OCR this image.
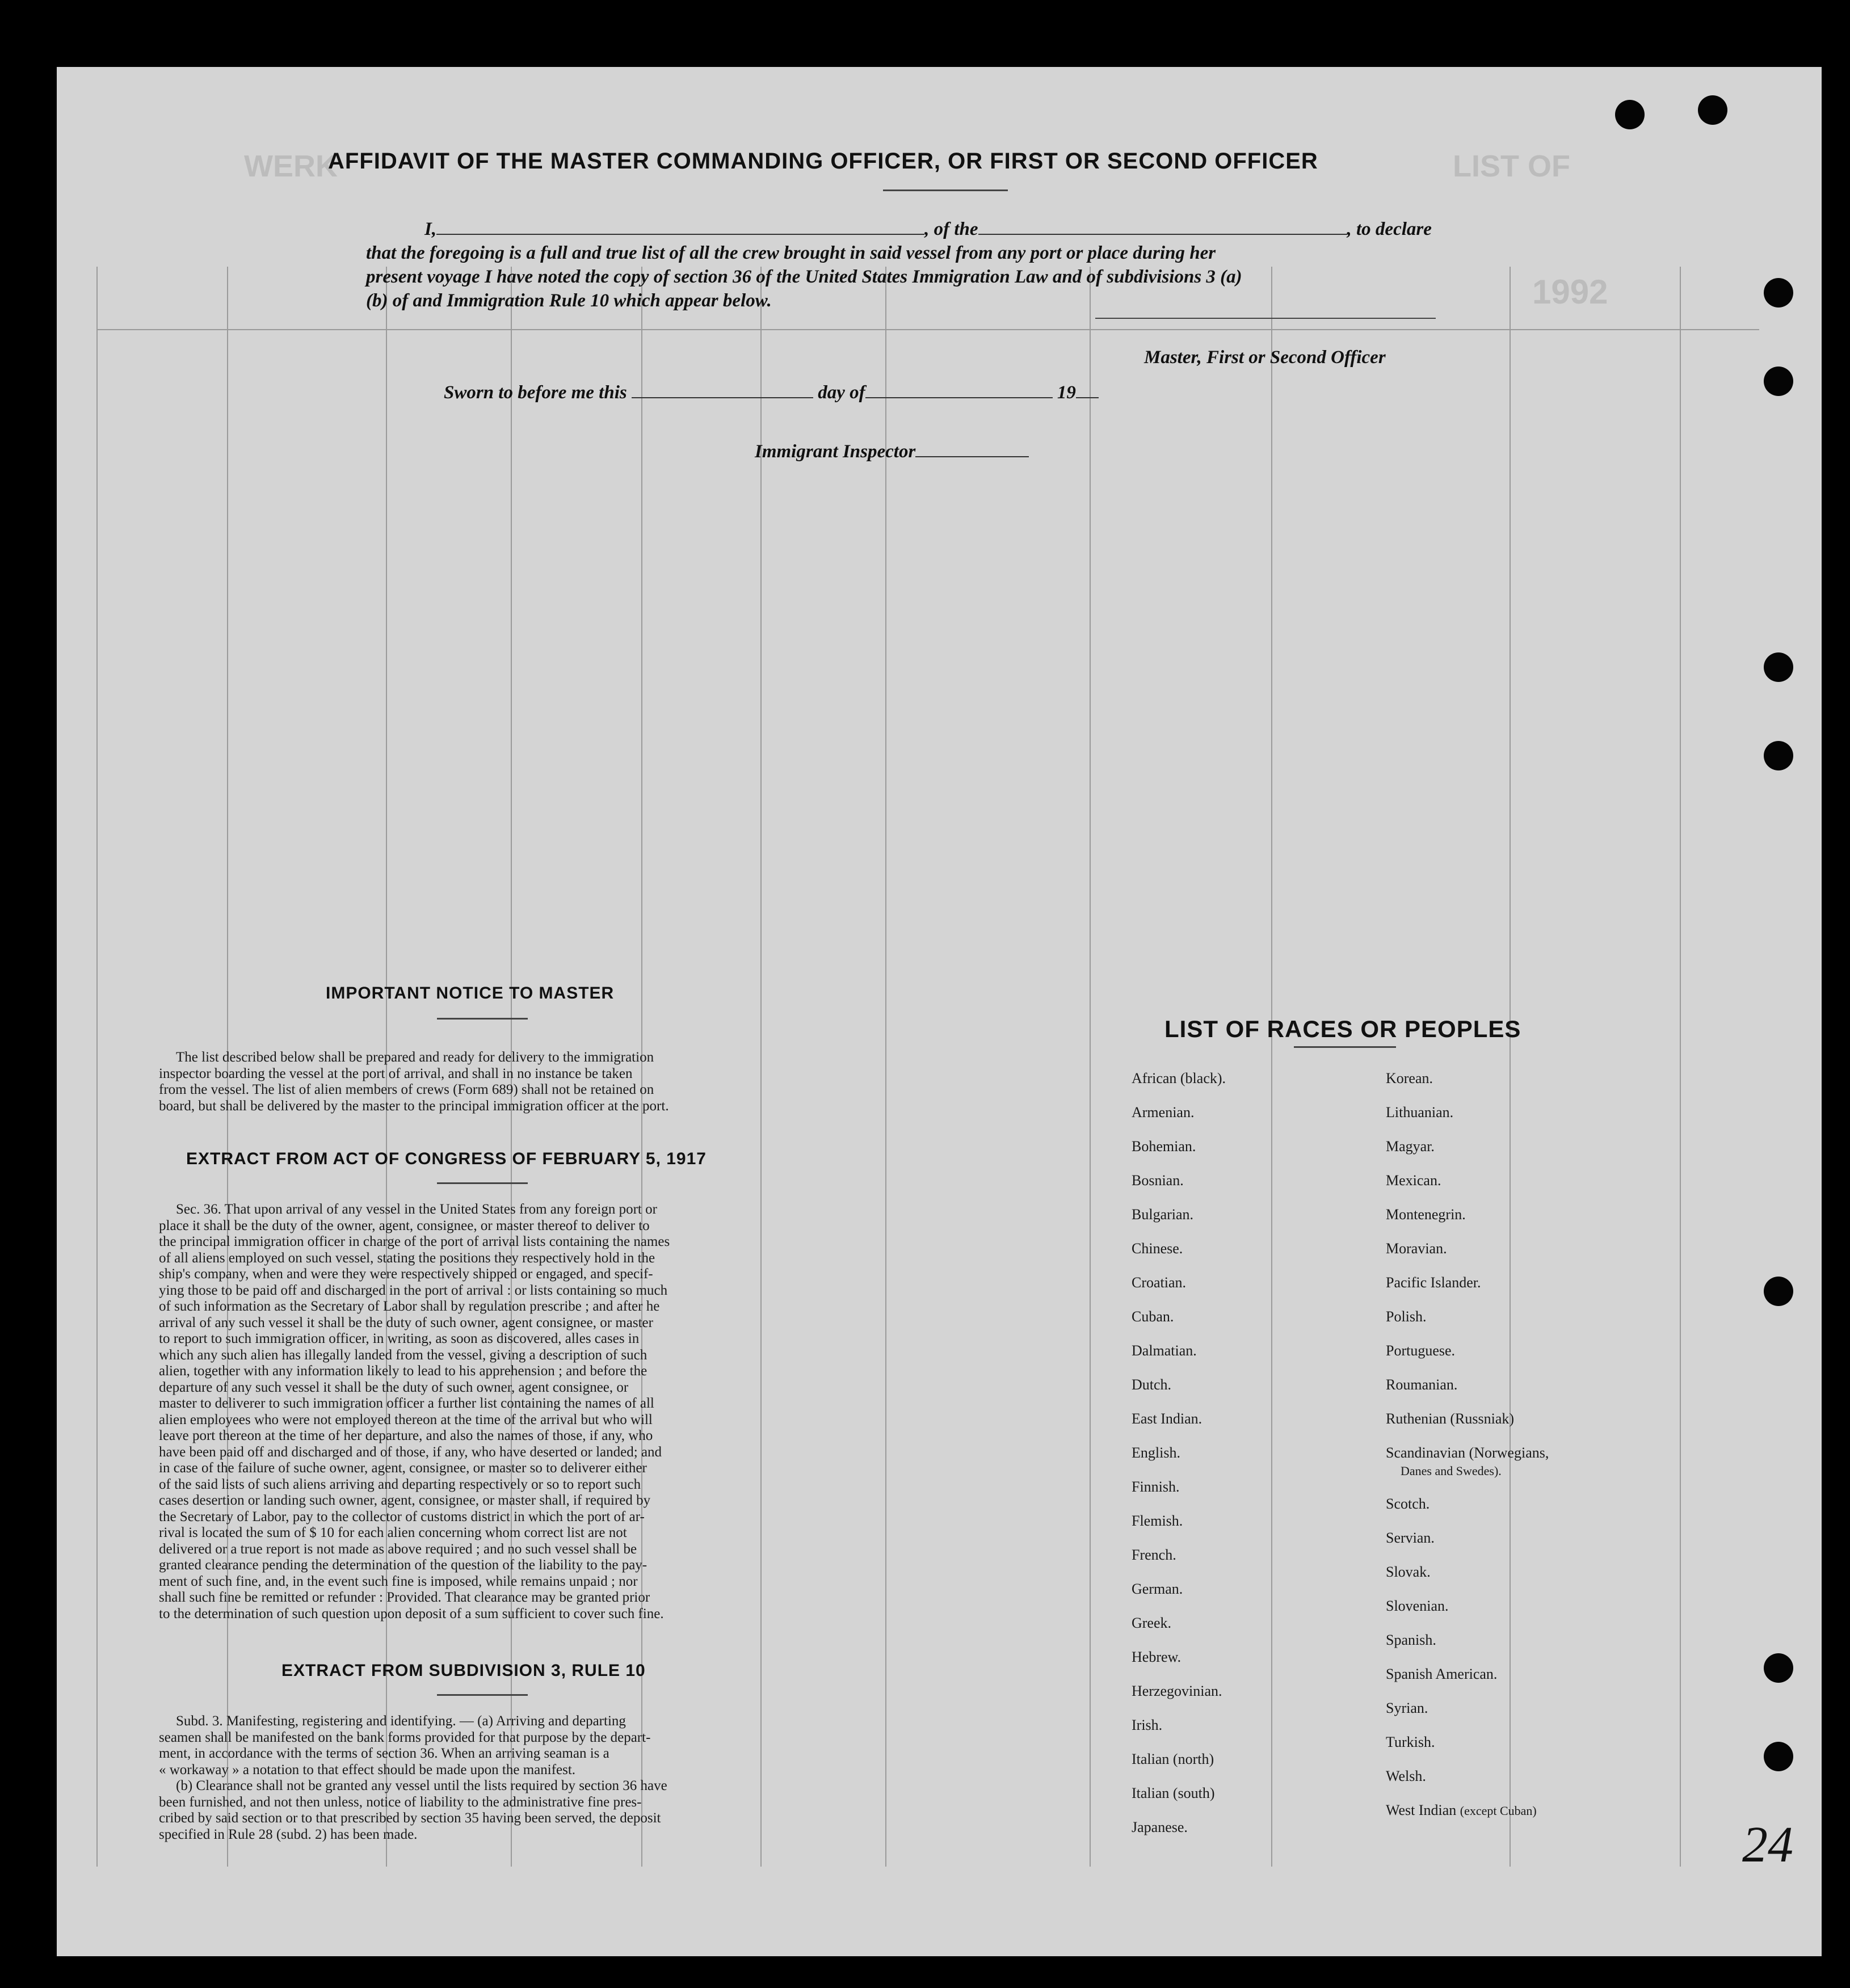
LIST OF
WERK
1992
AFFIDAVIT OF THE MASTER COMMANDING OFFICER, OR FIRST OR SECOND OFFICER
I,	, of the	, to declare
that the foregoing is a full and true list of all the crew brought in said vessel from any port or place during her
present voyage I have noted the copy of section 36 of the United States Immigration Law and of subdivisions 3 (a)
(b) of and Immigration Rule 10 which appear below.
Master, First or Second Officer
Sworn to before me this	day of	19
Immigrant Inspector
IMPORTANT NOTICE TO MASTER
The list described below shall be prepared and ready for delivery to the immigration
inspector boarding the vessel at the port of arrival, and shall in no instance be taken
from the vessel. The list of alien members of crews (Form 689) shall not be retained on
board, but shall be delivered by the master to the principal immigration officer at the port.
EXTRACT FROM ACT OF CONGRESS OF FEBRUARY 5, 1917
Sec. 36. That upon arrival of any vessel in the United States from any foreign port or
place it shall be the duty of the owner, agent, consignee, or master thereof to deliver to
the principal immigration officer in charge of the port of arrival lists containing the names
of all aliens employed on such vessel, stating the positions they respectively hold in the
ship's company, when and were they were respectively shipped or engaged, and specif-
ying those to be paid off and discharged in the port of arrival : or lists containing so much
of such information as the Secretary of Labor shall by regulation prescribe ; and after he
arrival of any such vessel it shall be the duty of such owner, agent consignee, or master
to report to such immigration officer, in writing, as soon as discovered, alles cases in
which any such alien has illegally landed from the vessel, giving a description of such
alien, together with any information likely to lead to his apprehension ; and before the
departure of any such vessel it shall be the duty of such owner, agent consignee, or
master to deliverer to such immigration officer a further list containing the names of all
alien employees who were not employed thereon at the time of the arrival but who will
leave port thereon at the time of her departure, and also the names of those, if any, who
have been paid off and discharged and of those, if any, who have deserted or landed; and
in case of the failure of suche owner, agent, consignee, or master so to deliverer either
of the said lists of such aliens arriving and departing respectively or so to report such
cases desertion or landing such owner, agent, consignee, or master shall, if required by
the Secretary of Labor, pay to the collector of customs district in which the port of ar-
rival is located the sum of $ 10 for each alien concerning whom correct list are not
delivered or a true report is not made as above required ; and no such vessel shall be
granted clearance pending the determination of the question of the liability to the pay-
ment of such fine, and, in the event such fine is imposed, while remains unpaid ; nor
shall such fine be remitted or refunder : Provided. That clearance may be granted prior
to the determination of such question upon deposit of a sum sufficient to cover such fine.
EXTRACT FROM SUBDIVISION 3, RULE 10
Subd. 3. Manifesting, registering and identifying. — (a) Arriving and departing
seamen shall be manifested on the bank forms provided for that purpose by the depart-
ment, in accordance with the terms of section 36. When an arriving seaman is a
« workaway » a notation to that effect should be made upon the manifest.
(b) Clearance shall not be granted any vessel until the lists required by section 36 have
been furnished, and not then unless, notice of liability to the administrative fine pres-
cribed by said section or to that prescribed by section 35 having been served, the deposit
specified in Rule 28 (subd. 2) has been made.
LIST OF RACES OR PEOPLES
African (black).
Armenian.
Bohemian.
Bosnian.
Bulgarian.
Chinese.
Croatian.
Cuban.
Dalmatian.
Dutch.
East Indian.
English.
Finnish.
Flemish.
French.
German.
Greek.
Hebrew.
Herzegovinian.
Irish.
Italian (north)
Italian (south)
Japanese.
Korean.
Lithuanian.
Magyar.
Mexican.
Montenegrin.
Moravian.
Pacific Islander.
Polish.
Portuguese.
Roumanian.
Ruthenian (Russniak)
Scandinavian (Norwegians,
Danes and Swedes).
Scotch.
Servian.
Slovak.
Slovenian.
Spanish.
Spanish American.
Syrian.
Turkish.
Welsh.
West Indian (except Cuban)
24
